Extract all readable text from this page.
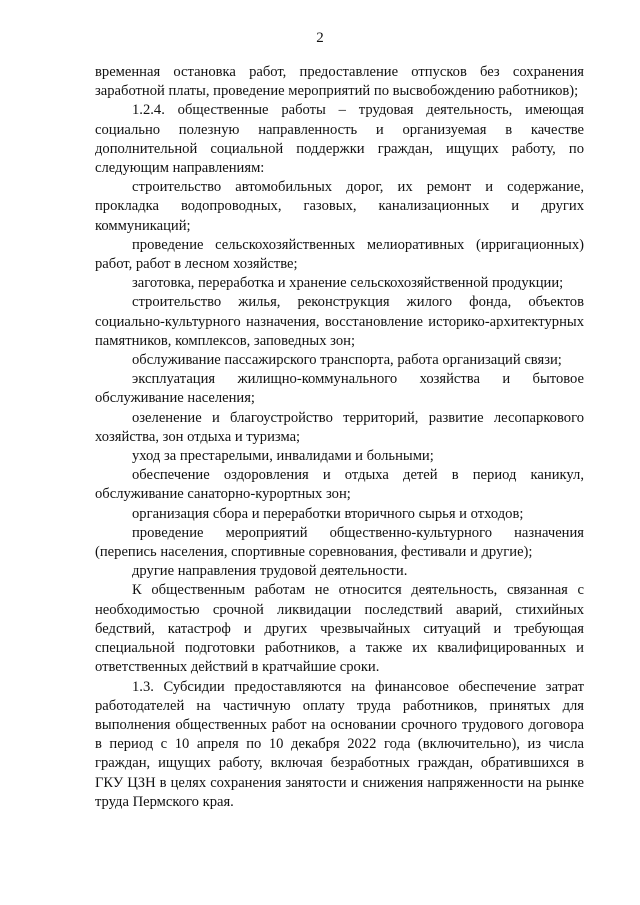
2

временная остановка работ, предоставление отпусков без сохранения заработной платы, проведение мероприятий по высвобождению работников);

1.2.4. общественные работы – трудовая деятельность, имеющая социально полезную направленность и организуемая в качестве дополнительной социальной поддержки граждан, ищущих работу, по следующим направлениям:

строительство автомобильных дорог, их ремонт и содержание, прокладка водопроводных, газовых, канализационных и других коммуникаций;

проведение сельскохозяйственных мелиоративных (ирригационных) работ, работ в лесном хозяйстве;

заготовка, переработка и хранение сельскохозяйственной продукции;

строительство жилья, реконструкция жилого фонда, объектов социально-культурного назначения, восстановление историко-архитектурных памятников, комплексов, заповедных зон;

обслуживание пассажирского транспорта, работа организаций связи;

эксплуатация жилищно-коммунального хозяйства и бытовое обслуживание населения;

озеленение и благоустройство территорий, развитие лесопаркового хозяйства, зон отдыха и туризма;

уход за престарелыми, инвалидами и больными;

обеспечение оздоровления и отдыха детей в период каникул, обслуживание санаторно-курортных зон;

организация сбора и переработки вторичного сырья и отходов;

проведение мероприятий общественно-культурного назначения (перепись населения, спортивные соревнования, фестивали и другие);

другие направления трудовой деятельности.

К общественным работам не относится деятельность, связанная с необходимостью срочной ликвидации последствий аварий, стихийных бедствий, катастроф и других чрезвычайных ситуаций и требующая специальной подготовки работников, а также их квалифицированных и ответственных действий в кратчайшие сроки.

1.3. Субсидии предоставляются на финансовое обеспечение затрат работодателей на частичную оплату труда работников, принятых для выполнения общественных работ на основании срочного трудового договора в период с 10 апреля по 10 декабря 2022 года (включительно), из числа граждан, ищущих работу, включая безработных граждан, обратившихся в ГКУ ЦЗН в целях сохранения занятости и снижения напряженности на рынке труда Пермского края.
